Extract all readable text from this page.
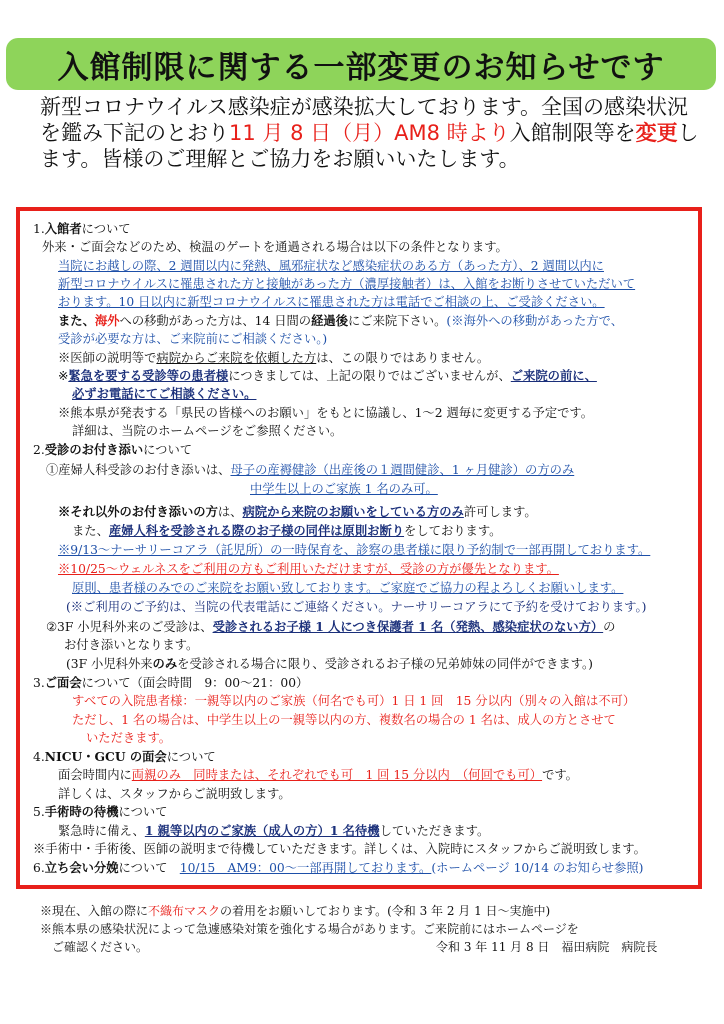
入館制限に関する一部変更のお知らせです
新型コロナウイルス感染症が感染拡大しております。全国の感染状況を鑑み下記のとおり11 月 8 日（月）AM8 時より入館制限等を変更します。皆様のご理解とご協力をお願いいたします。
1.入館者について
外来・ご面会などのため、検温のゲートを通過される場合は以下の条件となります。
当院にお越しの際、2 週間以内に発熱、風邪症状など感染症状のある方（あった方）、2 週間以内に
新型コロナウイルスに罹患された方と接触があった方（濃厚接触者）は、入館をお断りさせていただいて
おります。10 日以内に新型コロナウイルスに罹患された方は電話でご相談の上、ご受診ください。
また、海外への移動があった方は、14 日間の経過後にご来院下さい。(※海外への移動があった方で、
受診が必要な方は、ご来院前にご相談ください。)
※医師の説明等で病院からご来院を依頼した方は、この限りではありません。
※緊急を要する受診等の患者様につきましては、上記の限りではございませんが、ご来院の前に、
必ずお電話にてご相談ください。
※熊本県が発表する「県民の皆様へのお願い」をもとに協議し、1～2 週毎に変更する予定です。
詳細は、当院のホームページをご参照ください。
2.受診のお付き添いについて
①産婦人科受診のお付き添いは、母子の産褥健診（出産後の１週間健診、1 ヶ月健診）の方のみ
中学生以上のご家族 1 名のみ可。
※それ以外のお付き添いの方は、病院から来院のお願いをしている方のみ許可します。
また、産婦人科を受診される際のお子様の同伴は原則お断りをしております。
※9/13～ナーサリーコアラ（託児所）の一時保育を、診察の患者様に限り予約制で一部再開しております。
※10/25～ウェルネスをご利用の方もご利用いただけますが、受診の方が優先となります。
原則、患者様のみでのご来院をお願い致しております。ご家庭でご協力の程よろしくお願いします。
(※ご利用のご予約は、当院の代表電話にご連絡ください。ナーサリーコアラにて予約を受けております。)
②3F 小児科外来のご受診は、受診されるお子様 1 人につき保護者 1 名（発熱、感染症状のない方）の
お付き添いとなります。
(3F 小児科外来のみを受診される場合に限り、受診されるお子様の兄弟姉妹の同伴ができます。)
3.ご面会について（面会時間　9：00～21：00）
すべての入院患者様：一親等以内のご家族（何名でも可）1 日 1 回　15 分以内（別々の入館は不可）
ただし、1 名の場合は、中学生以上の一親等以内の方、複数名の場合の 1 名は、成人の方とさせて
いただきます。
4.NICU・GCU の面会について
面会時間内に両親のみ　同時または、それぞれでも可　1 回 15 分以内　（何回でも可）です。
詳しくは、スタッフからご説明致します。
5.手術時の待機について
緊急時に備え、1 親等以内のご家族（成人の方）1 名待機していただきます。
※手術中・手術後、医師の説明まで待機していただきます。詳しくは、入院時にスタッフからご説明致します。
6.立ち会い分娩について　10/15　AM9：00～一部再開しております。(ホームページ 10/14 のお知らせ参照)
※現在、入館の際に不織布マスクの着用をお願いしております。(令和 3 年 2 月 1 日～実施中)
※熊本県の感染状況によって急遽感染対策を強化する場合があります。ご来院前にはホームページを
ご確認ください。	令和 3 年 11 月 8 日　福田病院　病院長
